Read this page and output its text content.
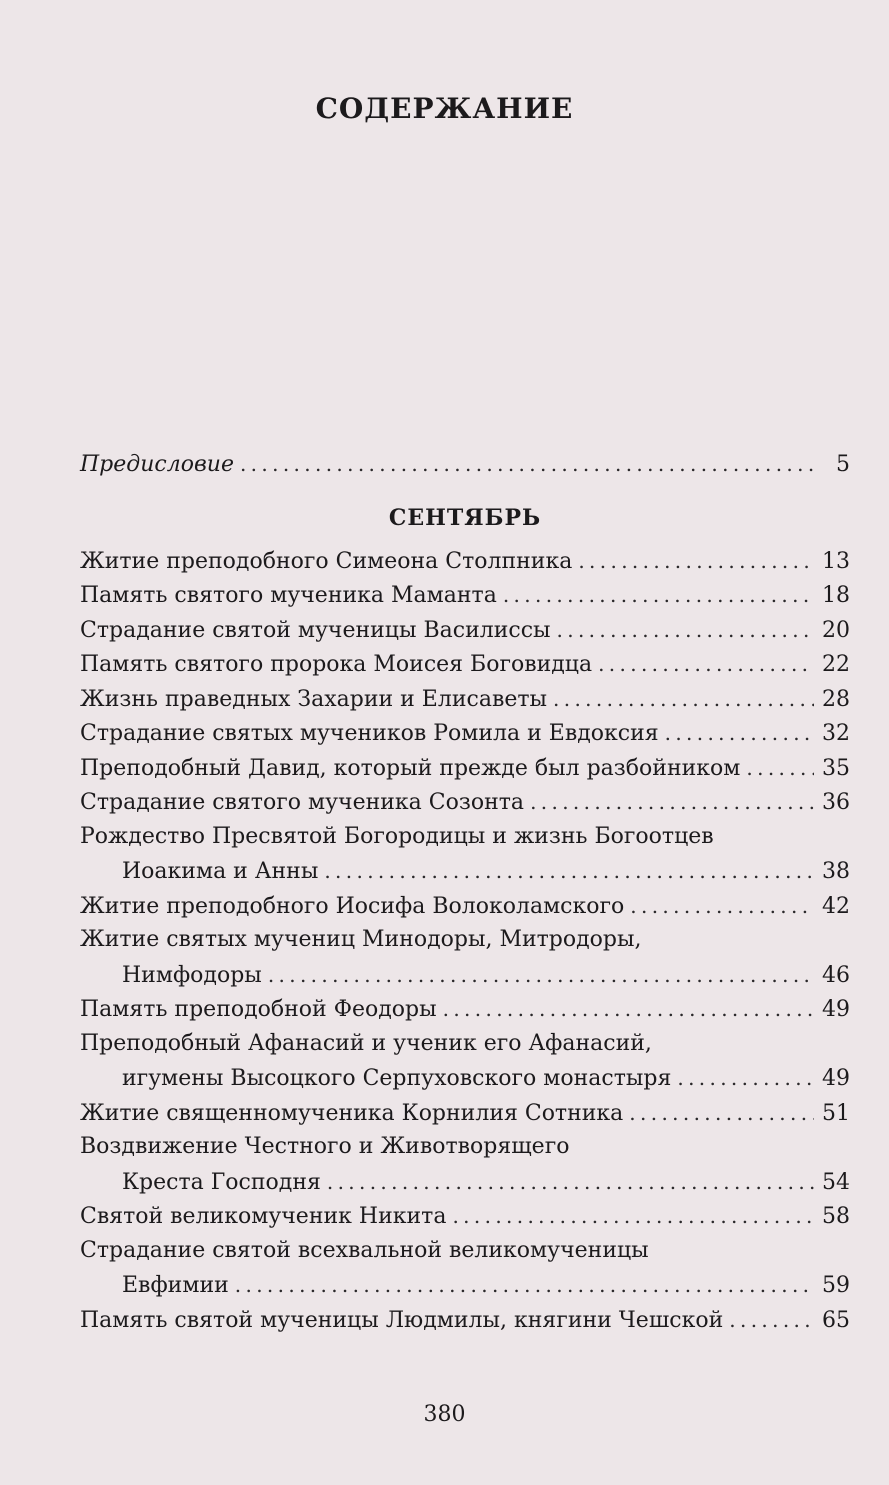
СОДЕРЖАНИЕ
Предисловие . . .	5
СЕНТЯБРЬ
Житие преподобного Симеона Столпника . . .	13
Память святого мученика Маманта . . .	18
Страдание святой мученицы Василиссы . . .	20
Память святого пророка Моисея Боговидца . . .	22
Жизнь праведных Захарии и Елисаветы . . .	28
Страдание святых мучеников Ромила и Евдоксия . . .	32
Преподобный Давид, который прежде был разбойником . . .	35
Страдание святого мученика Созонта . . .	36
Рождество Пресвятой Богородицы и жизнь Богоотцев
Иоакима и Анны . . .	38
Житие преподобного Иосифа Волоколамского . . .	42
Житие святых мучениц Минодоры, Митродоры,
Нимфодоры . . .	46
Память преподобной Феодоры . . .	49
Преподобный Афанасий и ученик его Афанасий,
игумены Высоцкого Серпуховского монастыря . . .	49
Житие священномученика Корнилия Сотника . . .	51
Воздвижение Честного и Животворящего
Креста Господня . . .	54
Святой великомученик Никита . . .	58
Страдание святой всехвальной великомученицы
Евфимии . . .	59
Память святой мученицы Людмилы, княгини Чешской . . .	65
380
